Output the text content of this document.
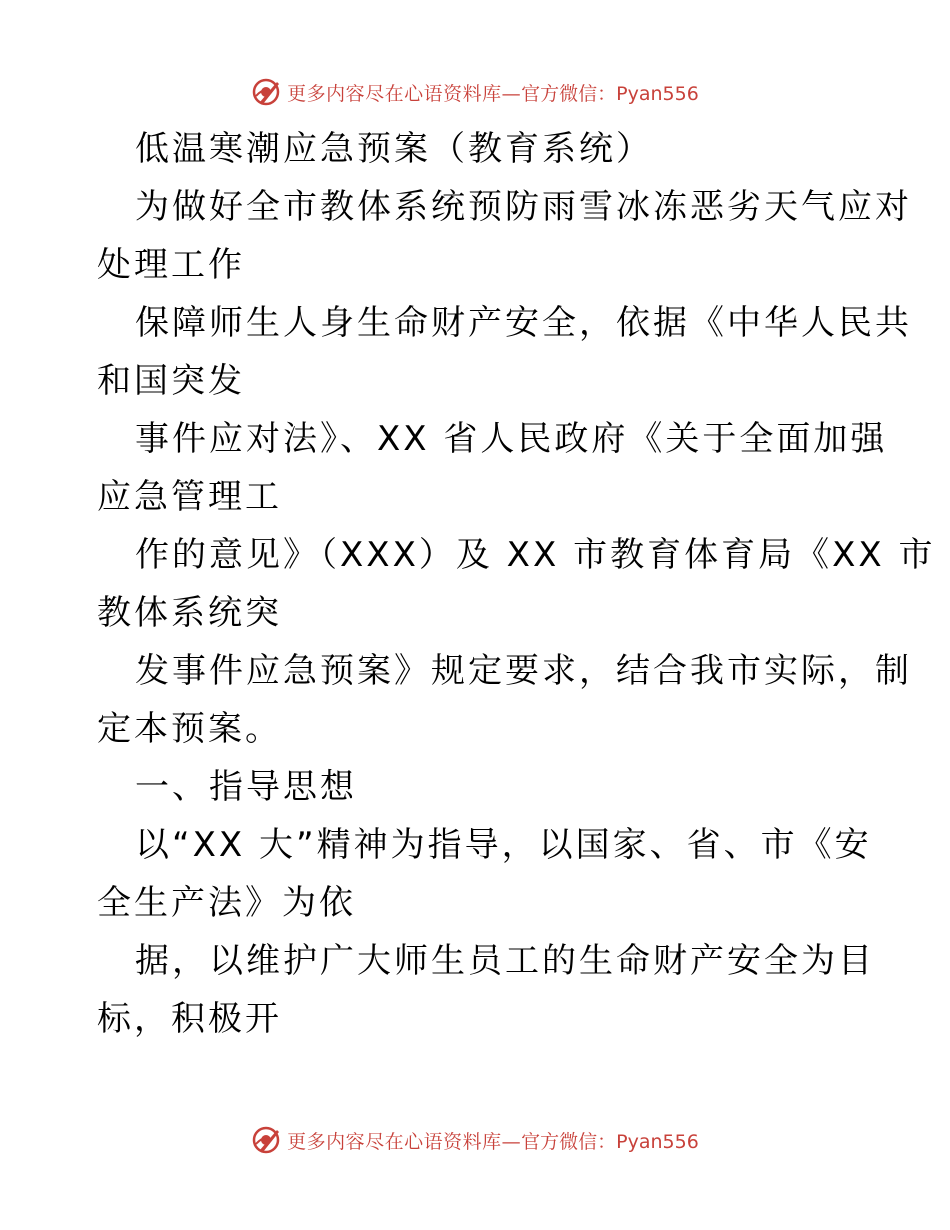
更多内容尽在心语资料库— 官方微信：Pyan556
低温寒潮应急预案（教育系统）
为做好全市教体系统预防雨雪冰冻恶劣天气应对
处理工作
保障师生人身生命财产安全，依据《中华人民共
和国突发
事件应对法》、XX 省人民政府《关于全面加强
应急管理工
作的意见》（XXX）及 XX 市教育体育局《XX 市
教体系统突
发事件应急预案》规定要求，结合我市实际，制
定本预案。
一、指导思想
以“XX 大”精神为指导，以国家、省、市《安
全生产法》为依
据，以维护广大师生员工的生命财产安全为目
标，积极开
更多内容尽在心语资料库— 官方微信：Pyan556
